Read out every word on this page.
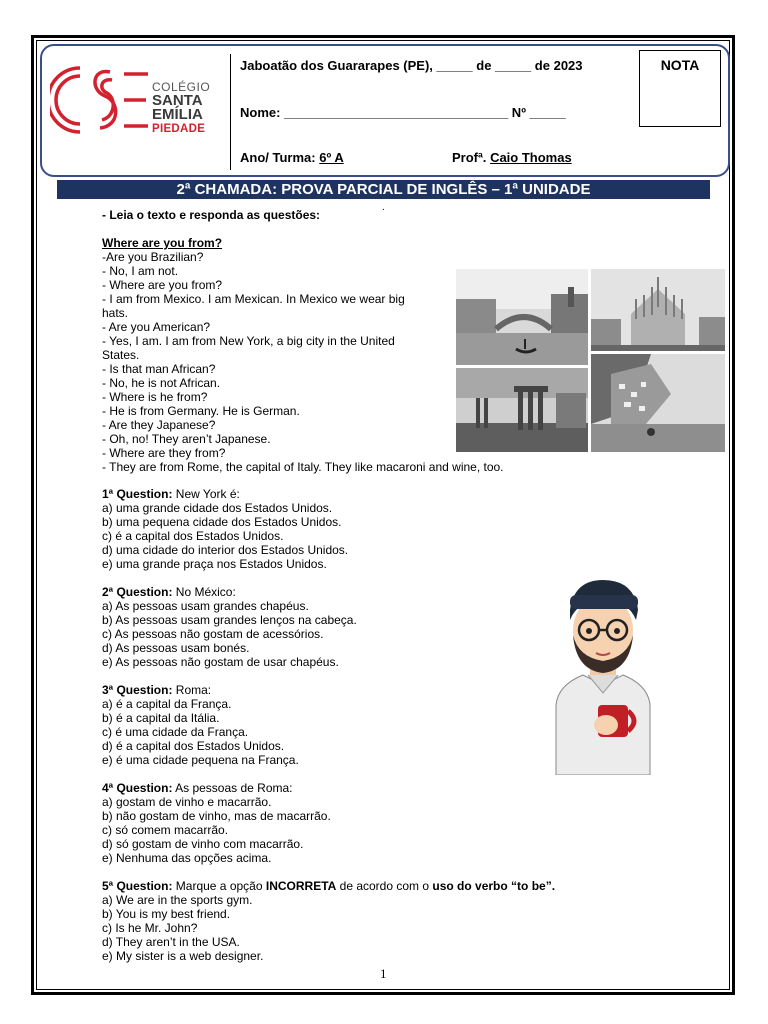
COLÉGIO
SANTA
EMÍLIA
PIEDADE
Jaboatão dos Guararapes (PE), _____ de _____ de 2023
Nome: _______________________________ Nº _____
Ano/ Turma: 6º A	Profª. Caio Thomas
NOTA
2ª CHAMADA: PROVA PARCIAL DE INGLÊS – 1ª UNIDADE
.
- Leia o texto e responda as questões:
Where are you from?
-Are you Brazilian?
- No, I am not.
- Where are you from?
- I am from Mexico. I am Mexican. In Mexico we wear big
hats.
- Are you American?
- Yes, I am. I am from New York, a big city in the United
States.
- Is that man African?
- No, he is not African.
- Where is he from?
- He is from Germany. He is German.
- Are they Japanese?
- Oh, no! They aren’t Japanese.
- Where are they from?
- They are from Rome, the capital of Italy. They like macaroni and wine, too.
1ª Question: New York é:
a) uma grande cidade dos Estados Unidos.
b) uma pequena cidade dos Estados Unidos.
c) é a capital dos Estados Unidos.
d) uma cidade do interior dos Estados Unidos.
e) uma grande praça nos Estados Unidos.
2ª Question: No México:
a) As pessoas usam grandes chapéus.
b) As pessoas usam grandes lenços na cabeça.
c) As pessoas não gostam de acessórios.
d) As pessoas usam bonés.
e) As pessoas não gostam de usar chapéus.
3ª Question: Roma:
a) é a capital da França.
b) é a capital da Itália.
c) é uma cidade da França.
d) é a capital dos Estados Unidos.
e) é uma cidade pequena na França.
4ª Question: As pessoas de Roma:
a) gostam de vinho e macarrão.
b) não gostam de vinho, mas de macarrão.
c) só comem macarrão.
d) só gostam de vinho com macarrão.
e) Nenhuma das opções acima.
5ª Question: Marque a opção INCORRETA de acordo com o uso do verbo “to be”.
a) We are in the sports gym.
b) You is my best friend.
c) Is he Mr. John?
d) They aren’t in the USA.
e) My sister is a web designer.
1
